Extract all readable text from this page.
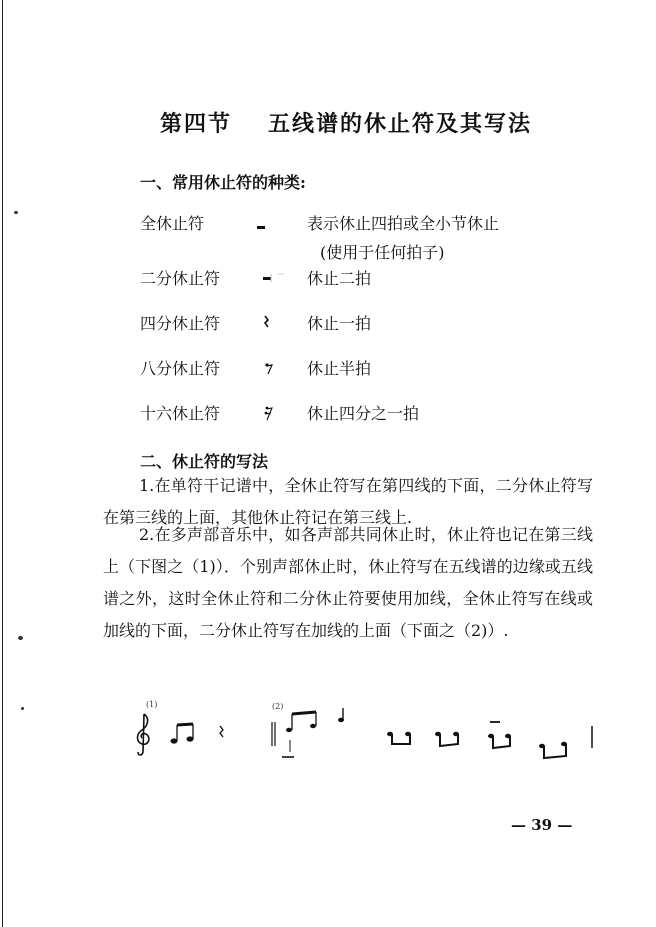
第四节 五线谱的休止符及其写法
一、常用休止符的种类:
全休止符	表示休止四拍或全小节休止
(使用于任何拍子)
二分休止符	休止二拍
四分休止符	休止一拍
八分休止符	休止半拍
十六休止符	休止四分之一拍
二、休止符的写法
1.在单符干记谱中，全休止符写在第四线的下面，二分休止符写在第三线的上面，其他休止符记在第三线上.
2.在多声部音乐中，如各声部共同休止时，休止符也记在第三线上（下图之（1)）．个别声部休止时，休止符写在五线谱的边缘或五线谱之外，这时全休止符和二分休止符要使用加线，全休止符写在线或加线的下面，二分休止符写在加线的上面（下面之（2)）.
(1)	(2)
— 39 —
